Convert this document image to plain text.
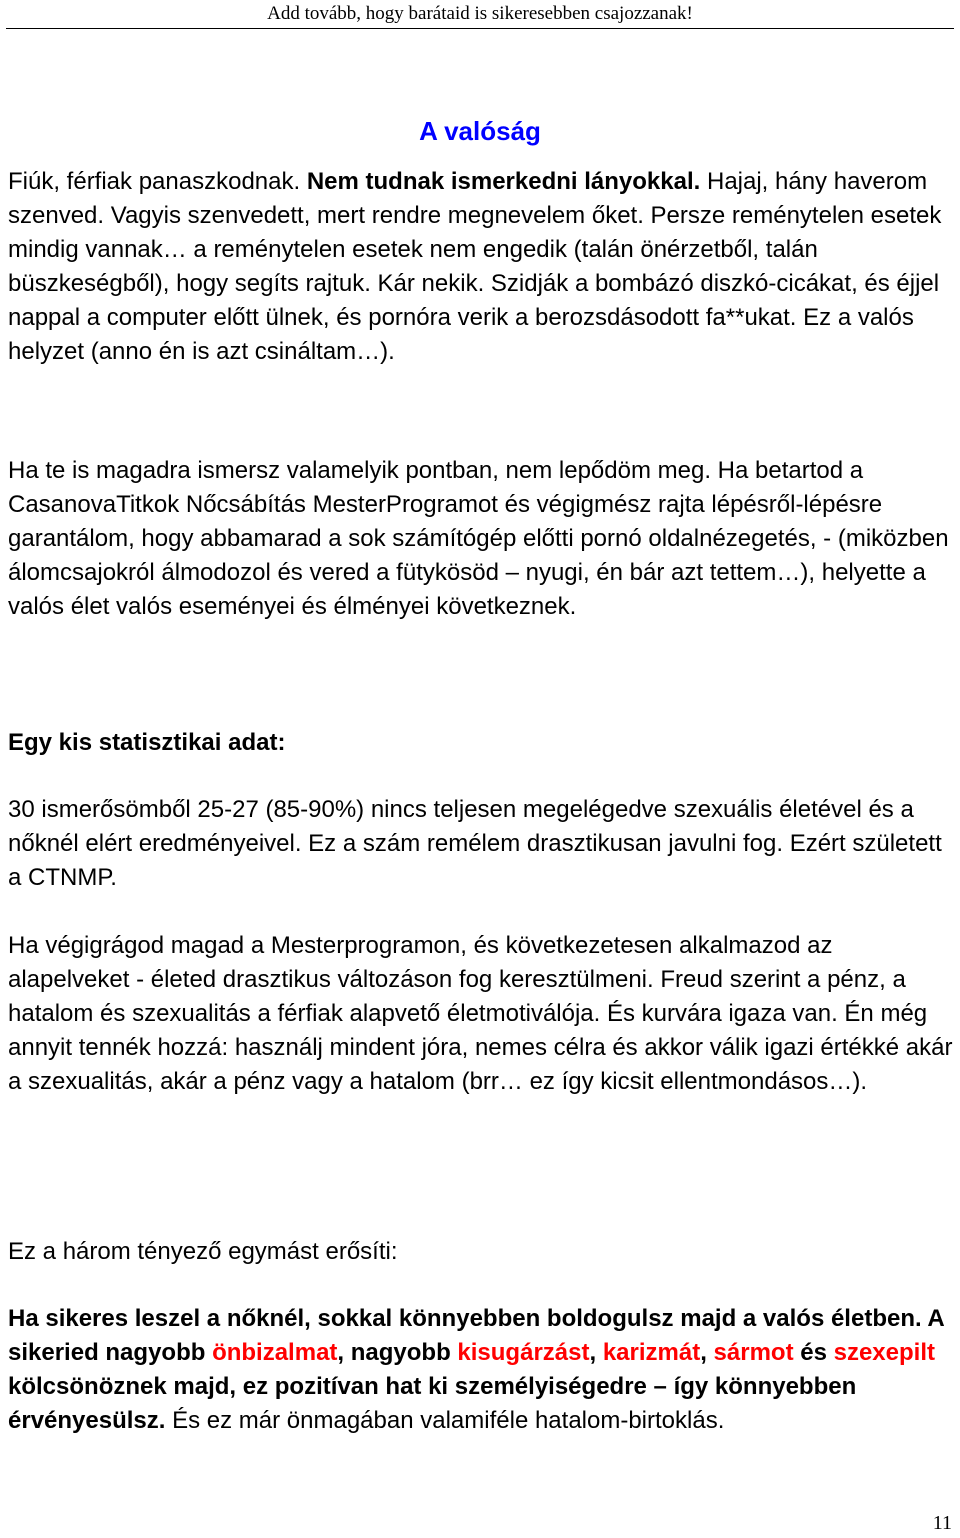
Add tovább, hogy barátaid is sikeresebben csajozzanak!
A valóság

Fiúk, férfiak panaszkodnak. Nem tudnak ismerkedni lányokkal. Hajaj, hány haverom szenved. Vagyis szenvedett, mert rendre megnevelem őket. Persze reménytelen esetek mindig vannak… a reménytelen esetek nem engedik (talán önérzetből, talán büszkeségből), hogy segíts rajtuk. Kár nekik. Szidják a bombázó diszkó-cicákat, és éjjel nappal a computer előtt ülnek, és pornóra verik a berozsdásodott fa**ukat. Ez a valós helyzet (anno én is azt csináltam…).

Ha te is magadra ismersz valamelyik pontban, nem lepődöm meg. Ha betartod a CasanovaTitkok Nőcsábítás MesterProgramot és végigmész rajta lépésről-lépésre garantálom, hogy abbamarad a sok számítógép előtti pornó oldalnézegetés, - (miközben álomcsajokról álmodozol és vered a fütykösöd – nyugi, én bár azt tettem…), helyette a valós élet valós eseményei és élményei következnek.

Egy kis statisztikai adat:

30 ismerősömből 25-27 (85-90%) nincs teljesen megelégedve szexuális életével és a nőknél elért eredményeivel. Ez a szám remélem drasztikusan javulni fog. Ezért született a CTNMP.

Ha végigrágod magad a Mesterprogramon, és következetesen alkalmazod az alapelveket - életed drasztikus változáson fog keresztülmeni. Freud szerint a pénz, a hatalom és szexualitás a férfiak alapvető életmotiválója. És kurvára igaza van. Én még annyit tennék hozzá: használj mindent jóra, nemes célra és akkor válik igazi értékké akár a szexualitás, akár a pénz vagy a hatalom (brr… ez így kicsit ellentmondásos…).

Ez a három tényező egymást erősíti:

Ha sikeres leszel a nőknél, sokkal könnyebben boldogulsz majd a valós életben. A sikeried nagyobb önbizalmat, nagyobb kisugárzást, karizmát, sármot és szexepilt kölcsönöznek majd, ez pozitívan hat ki személyiségedre – így könnyebben érvényesülsz. És ez már önmagában valamiféle hatalom-birtoklás.

11
